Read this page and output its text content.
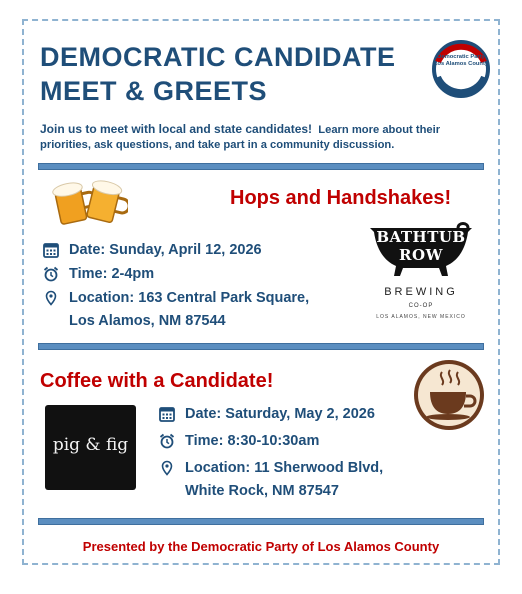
DEMOCRATIC CANDIDATE
MEET & GREETS
Democratic Party Los Alamos County
Join us to meet with local and state candidates! Learn more about their priorities, ask questions, and take part in a community discussion.
Hops and Handshakes!
Date: Sunday, April 12, 2026
Time: 2-4pm
Location: 163 Central Park Square,
Los Alamos, NM 87544
BATHTUB ROW
BREWING
CO-OP
LOS ALAMOS, NEW MEXICO
Coffee with a Candidate!
pig & fig
Date: Saturday, May 2, 2026
Time: 8:30-10:30am
Location: 11 Sherwood Blvd,
White Rock, NM 87547
Presented by the Democratic Party of Los Alamos County
